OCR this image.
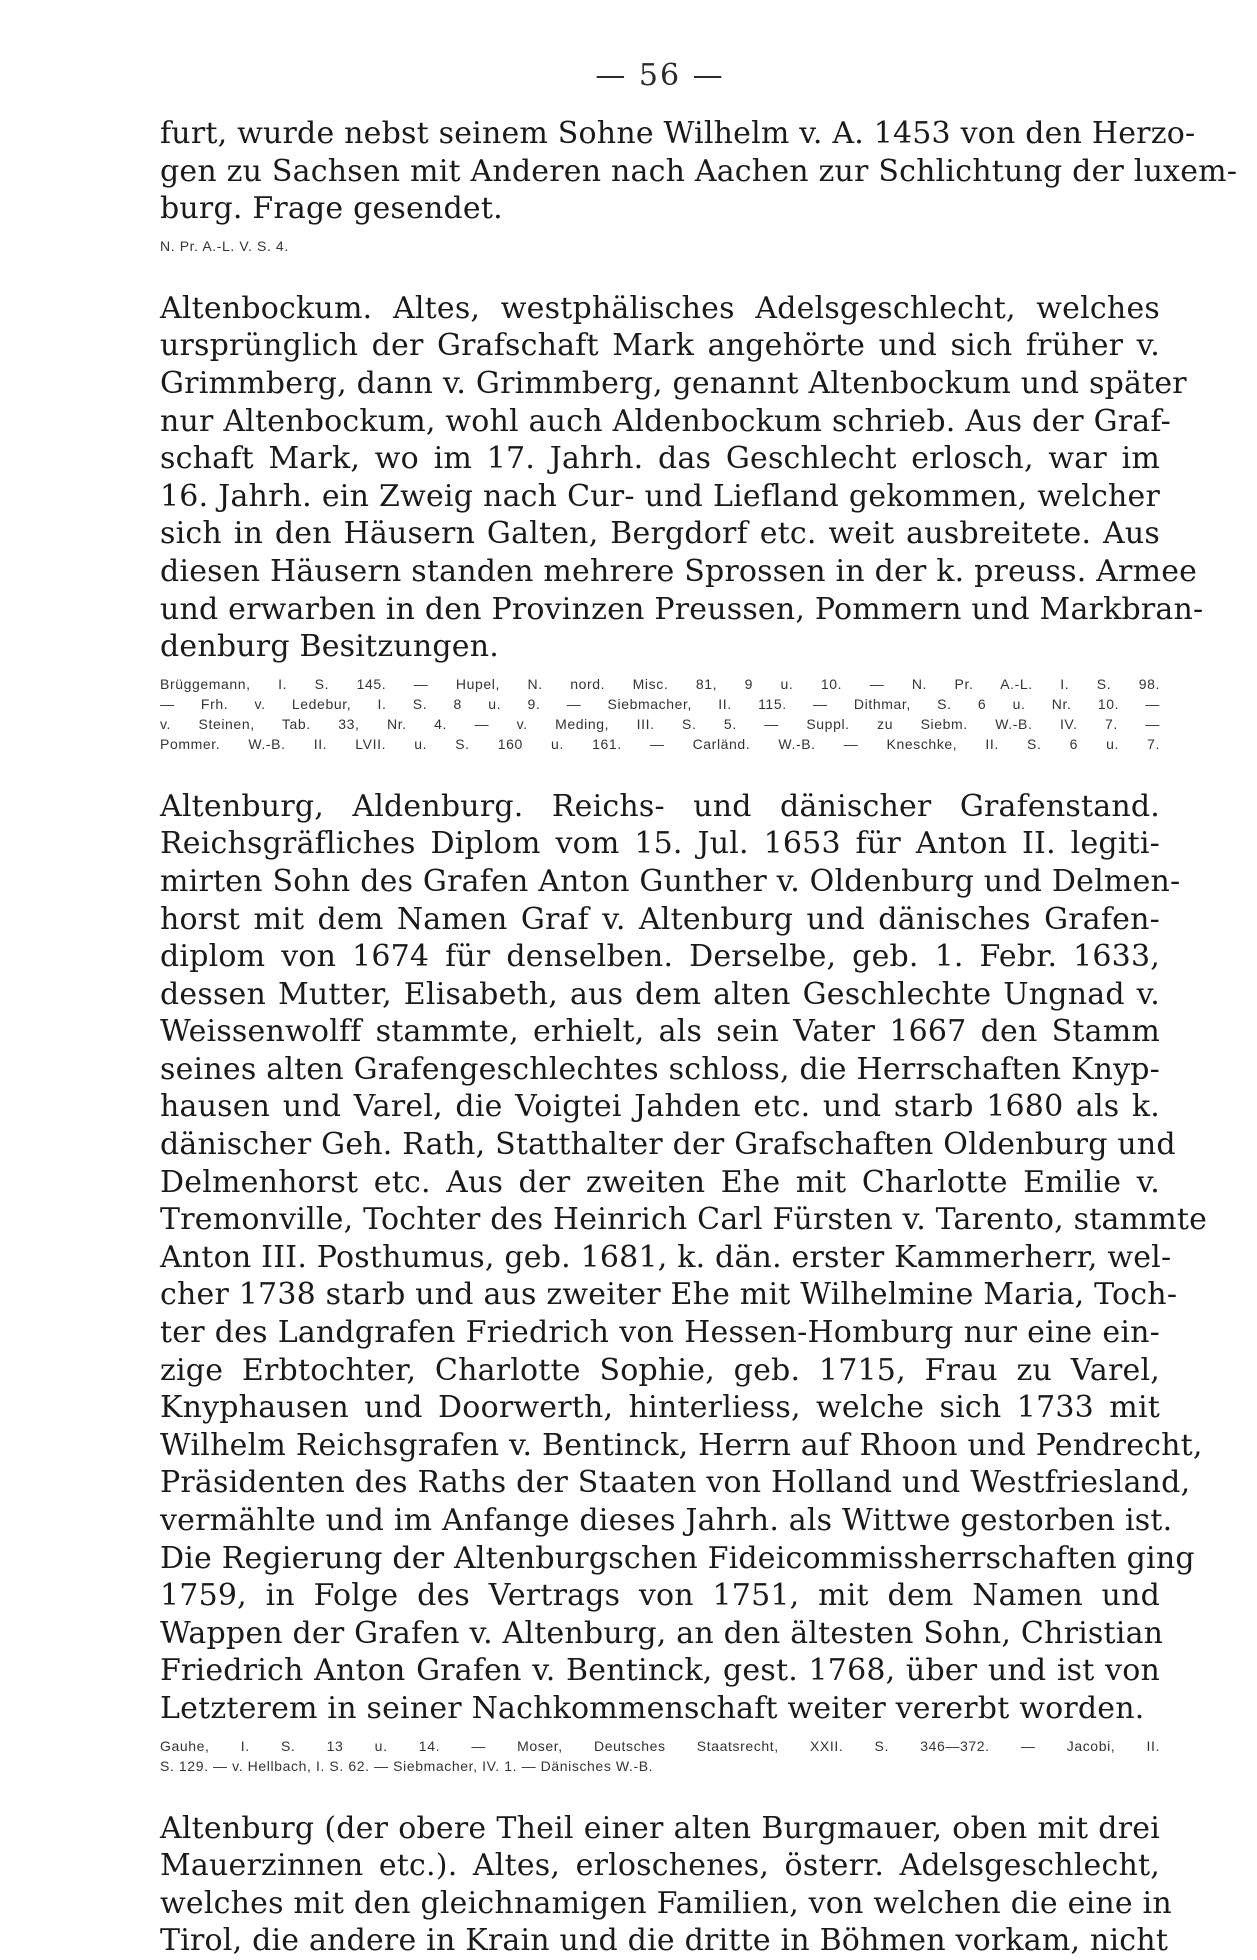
— 56 —
furt, wurde nebst seinem Sohne Wilhelm v. A. 1453 von den Herzo-
gen zu Sachsen mit Anderen nach Aachen zur Schlichtung der luxem-
burg. Frage gesendet.
N. Pr. A.-L. V. S. 4.
Altenbockum. Altes, westphälisches Adelsgeschlecht, welches
ursprünglich der Grafschaft Mark angehörte und sich früher v.
Grimmberg, dann v. Grimmberg, genannt Altenbockum und später
nur Altenbockum, wohl auch Aldenbockum schrieb. Aus der Graf-
schaft Mark, wo im 17. Jahrh. das Geschlecht erlosch, war im
16. Jahrh. ein Zweig nach Cur- und Liefland gekommen, welcher
sich in den Häusern Galten, Bergdorf etc. weit ausbreitete. Aus
diesen Häusern standen mehrere Sprossen in der k. preuss. Armee
und erwarben in den Provinzen Preussen, Pommern und Markbran-
denburg Besitzungen.
Brüggemann, I. S. 145. — Hupel, N. nord. Misc. 81, 9 u. 10. — N. Pr. A.-L. I. S. 98.
— Frh. v. Ledebur, I. S. 8 u. 9. — Siebmacher, II. 115. — Dithmar, S. 6 u. Nr. 10. —
v. Steinen, Tab. 33, Nr. 4. — v. Meding, III. S. 5. — Suppl. zu Siebm. W.-B. IV. 7. —
Pommer. W.-B. II. LVII. u. S. 160 u. 161. — Carländ. W.-B. — Kneschke, II. S. 6 u. 7.
Altenburg, Aldenburg. Reichs- und dänischer Grafenstand.
Reichsgräfliches Diplom vom 15. Jul. 1653 für Anton II. legiti-
mirten Sohn des Grafen Anton Gunther v. Oldenburg und Delmen-
horst mit dem Namen Graf v. Altenburg und dänisches Grafen-
diplom von 1674 für denselben. Derselbe, geb. 1. Febr. 1633,
dessen Mutter, Elisabeth, aus dem alten Geschlechte Ungnad v.
Weissenwolff stammte, erhielt, als sein Vater 1667 den Stamm
seines alten Grafengeschlechtes schloss, die Herrschaften Knyp-
hausen und Varel, die Voigtei Jahden etc. und starb 1680 als k.
dänischer Geh. Rath, Statthalter der Grafschaften Oldenburg und
Delmenhorst etc. Aus der zweiten Ehe mit Charlotte Emilie v.
Tremonville, Tochter des Heinrich Carl Fürsten v. Tarento, stammte
Anton III. Posthumus, geb. 1681, k. dän. erster Kammerherr, wel-
cher 1738 starb und aus zweiter Ehe mit Wilhelmine Maria, Toch-
ter des Landgrafen Friedrich von Hessen-Homburg nur eine ein-
zige Erbtochter, Charlotte Sophie, geb. 1715, Frau zu Varel,
Knyphausen und Doorwerth, hinterliess, welche sich 1733 mit
Wilhelm Reichsgrafen v. Bentinck, Herrn auf Rhoon und Pendrecht,
Präsidenten des Raths der Staaten von Holland und Westfriesland,
vermählte und im Anfange dieses Jahrh. als Wittwe gestorben ist.
Die Regierung der Altenburgschen Fideicommissherrschaften ging
1759, in Folge des Vertrags von 1751, mit dem Namen und
Wappen der Grafen v. Altenburg, an den ältesten Sohn, Christian
Friedrich Anton Grafen v. Bentinck, gest. 1768, über und ist von
Letzterem in seiner Nachkommenschaft weiter vererbt worden.
Gauhe, I. S. 13 u. 14. — Moser, Deutsches Staatsrecht, XXII. S. 346—372. — Jacobi, II.
S. 129. — v. Hellbach, I. S. 62. — Siebmacher, IV. 1. — Dänisches W.-B.
Altenburg (der obere Theil einer alten Burgmauer, oben mit drei
Mauerzinnen etc.). Altes, erloschenes, österr. Adelsgeschlecht,
welches mit den gleichnamigen Familien, von welchen die eine in
Tirol, die andere in Krain und die dritte in Böhmen vorkam, nicht
